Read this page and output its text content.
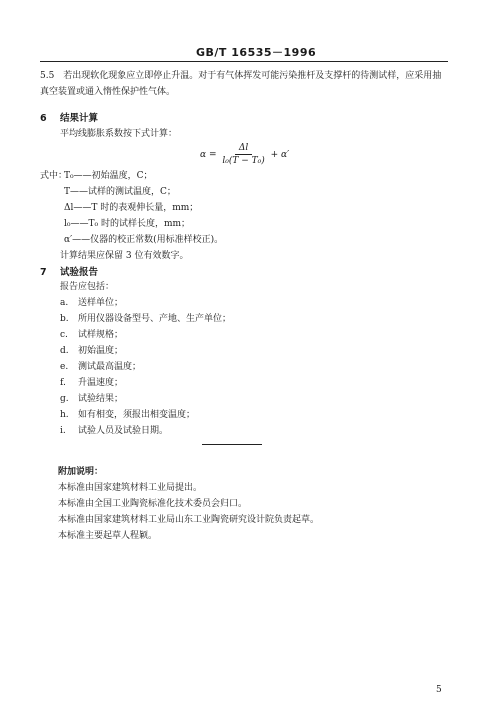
GB/T 16535－1996
5.5 若出现软化现象应立即停止升温。对于有气体挥发可能污染推杆及支撑杆的待测试样，应采用抽
真空装置或通入惰性保护性气体。
6 结果计算
平均线膨胀系数按下式计算：
$\alpha = \frac{\Delta l}{\text{l₀(T − T₀)}} + \alpha'$
式中：
T₀——初始温度，C；
T——试样的测试温度，C；
Δl——T 时的表观伸长量，mm；
l₀——T₀ 时的试样长度，mm；
α′——仪器的校正常数(用标准样校正)。
计算结果应保留 3 位有效数字。
7 试验报告
报告应包括：
a. 送样单位；
b. 所用仪器设备型号、产地、生产单位；
c. 试样规格；
d. 初始温度；
e. 测试最高温度；
f. 升温速度；
g. 试验结果；
h. 如有相变，须报出相变温度；
i. 试验人员及试验日期。
附加说明：
本标准由国家建筑材料工业局提出。
本标准由全国工业陶瓷标准化技术委员会归口。
本标准由国家建筑材料工业局山东工业陶瓷研究设计院负责起草。
本标准主要起草人程颖。
5
